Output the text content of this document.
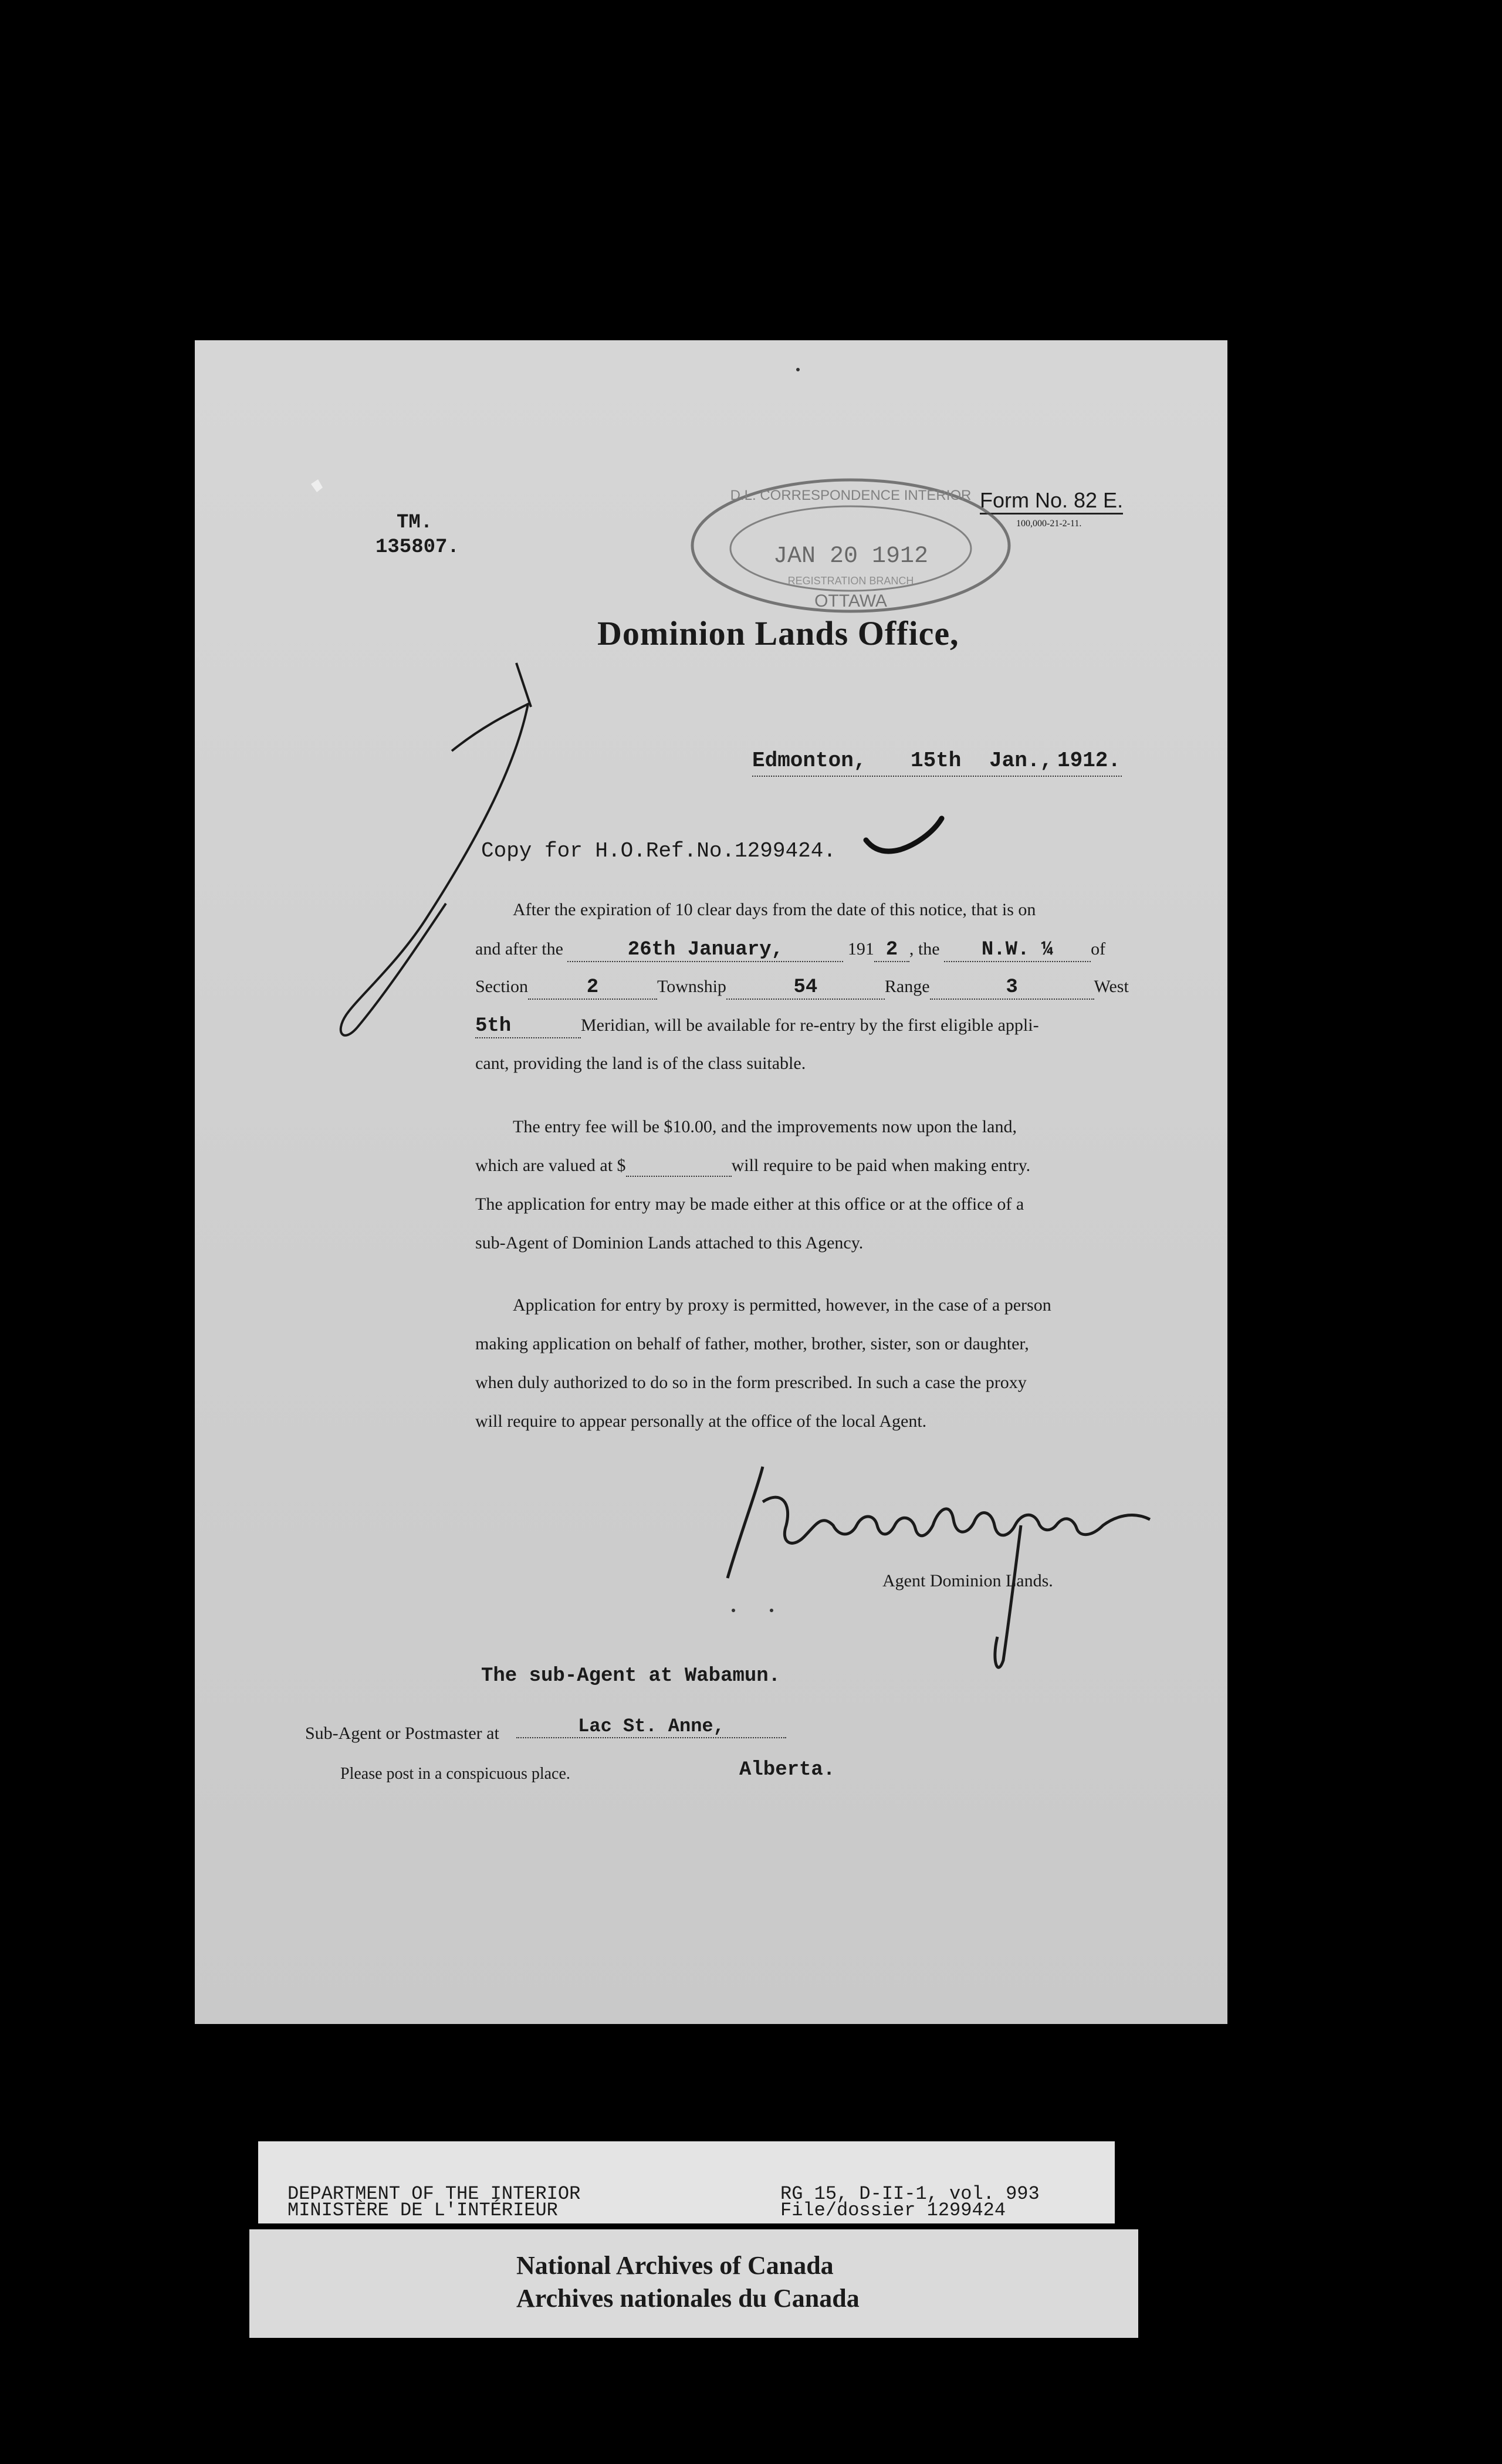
TM.
135807.
Form No. 82 E.
100,000-21-2-11.
Dominion Lands Office,
Edmonton, 15th Jan., 1912.
Copy for H.O.Ref.No.1299424.
After the expiration of 10 clear days from the date of this notice, that is on
and after the	26th January,	191 2 , the N.W. ¼ of
Section	2	Township	54	Range	3	West
5th	Meridian, will be available for re-entry by the first eligible appli-
cant, providing the land is of the class suitable.
The entry fee will be $10.00, and the improvements now upon the land,
which are valued at $	will require to be paid when making entry.
The application for entry may be made either at this office or at the office of a
sub-Agent of Dominion Lands attached to this Agency.
Application for entry by proxy is permitted, however, in the case of a person
making application on behalf of father, mother, brother, sister, son or daughter,
when duly authorized to do so in the form prescribed. In such a case the proxy
will require to appear personally at the office of the local Agent.
Agent Dominion Lands.
The sub-Agent at Wabamun.
Sub-Agent or Postmaster at	Lac St. Anne,
Please post in a conspicuous place.	Alberta.
D.L. CORRESPONDENCE INTERIOR
JAN 20 1912
REGISTRATION BRANCH
OTTAWA
DEPARTMENT OF THE INTERIOR
MINISTÈRE DE L'INTÉRIEUR
RG 15, D-II-1, vol. 993
File/dossier 1299424
National Archives of Canada
Archives nationales du Canada
